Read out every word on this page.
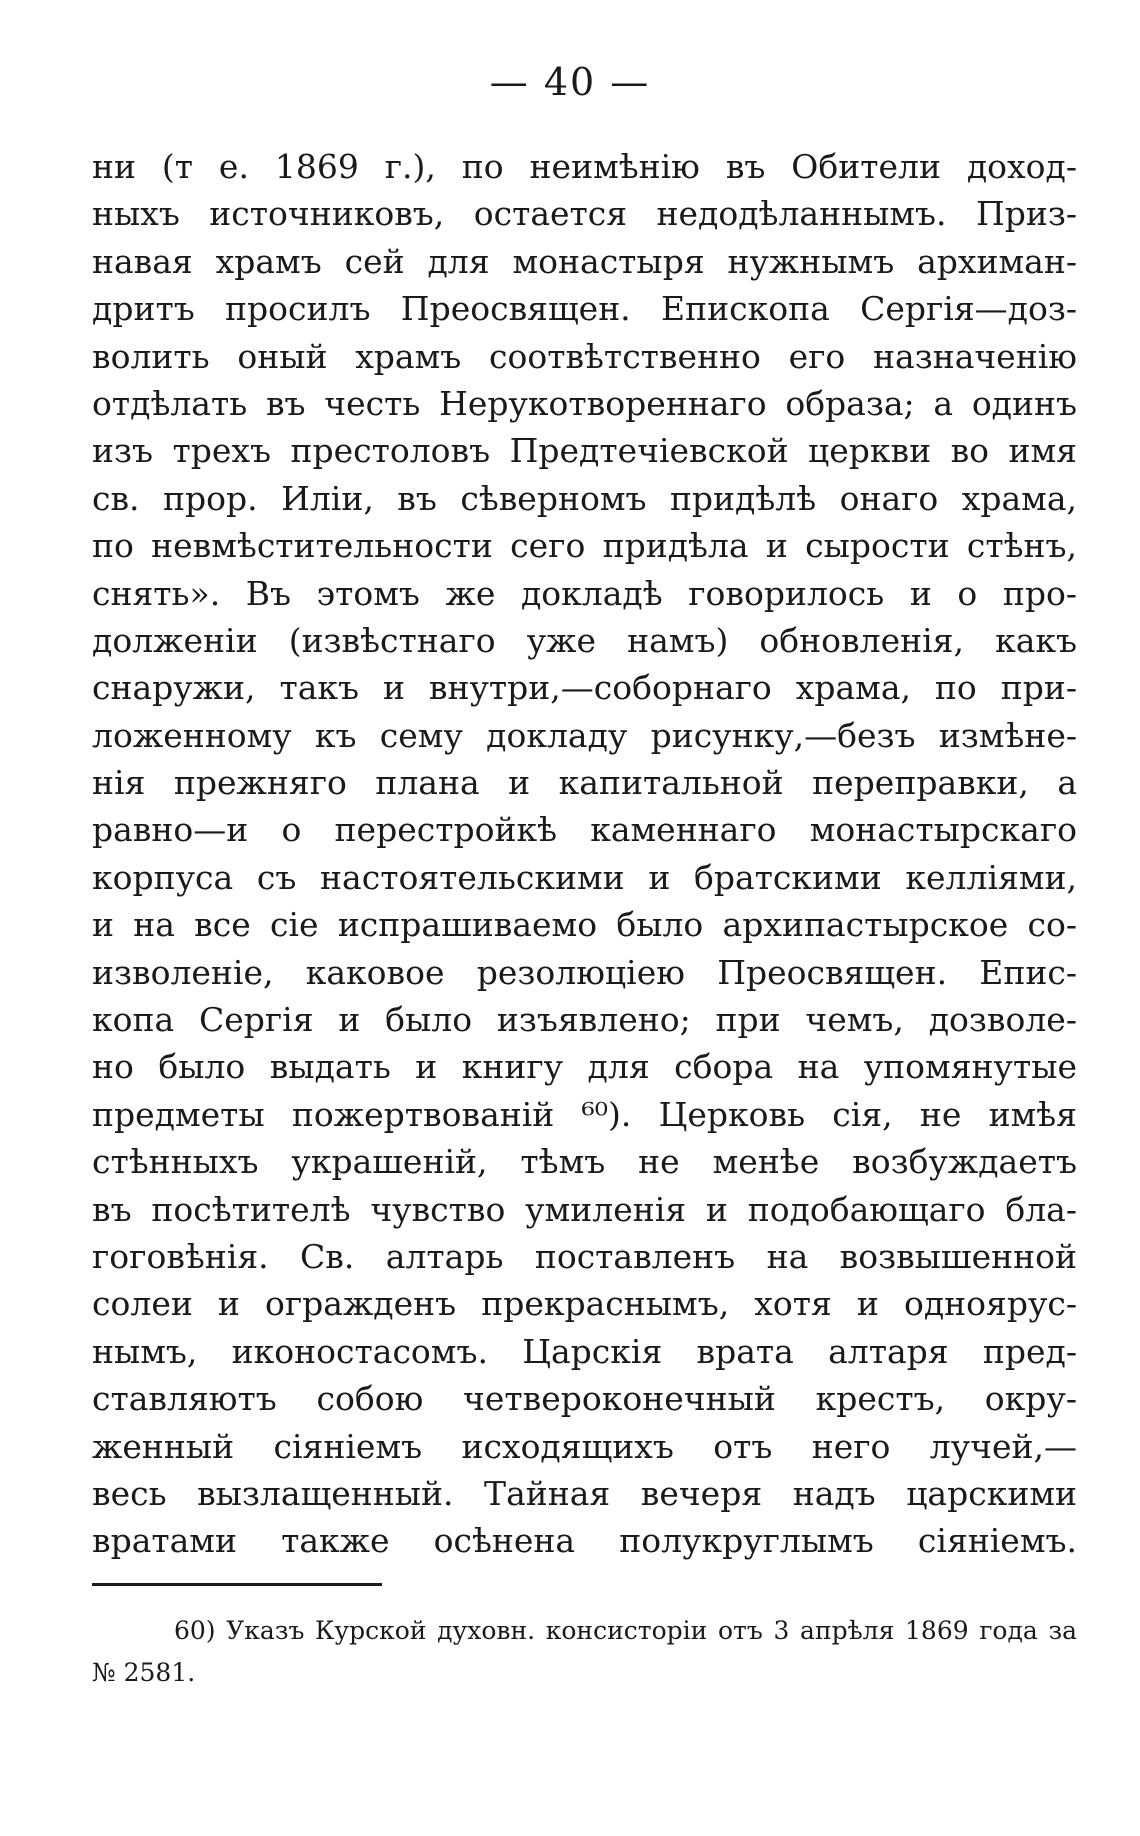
— 40 —
ни (т е. 1869 г.), по неимѣнію въ Обители доход-
ныхъ источниковъ, остается недодѣланнымъ. Приз-
навая храмъ сей для монастыря нужнымъ архиман-
дритъ просилъ Преосвящен. Епископа Сергія—доз-
волить оный храмъ соотвѣтственно его назначенію
отдѣлать въ честь Нерукотвореннаго образа; а одинъ
изъ трехъ престоловъ Предтечіевской церкви во имя
св. прор. Иліи, въ сѣверномъ придѣлѣ онаго храма,
по невмѣстительности сего придѣла и сырости стѣнъ,
снять». Въ этомъ же докладѣ говорилось и о про-
долженіи (извѣстнаго уже намъ) обновленія, какъ
снаружи, такъ и внутри,—соборнаго храма, по при-
ложенному къ сему докладу рисунку,—безъ измѣне-
нія прежняго плана и капитальной переправки, а
равно—и о перестройкѣ каменнаго монастырскаго
корпуса съ настоятельскими и братскими келліями,
и на все сіе испрашиваемо было архипастырское со-
изволеніе, каковое резолюціею Преосвящен. Епис-
копа Сергія и было изъявлено; при чемъ, дозволе-
но было выдать и книгу для сбора на упомянутые
предметы пожертвованій ⁶⁰). Церковь сія, не имѣя
стѣнныхъ украшеній, тѣмъ не менѣе возбуждаетъ
въ посѣтителѣ чувство умиленія и подобающаго бла-
гоговѣнія. Св. алтарь поставленъ на возвышенной
солеи и огражденъ прекраснымъ, хотя и одноярус-
нымъ, иконостасомъ. Царскія врата алтаря пред-
ставляютъ собою четвероконечный крестъ, окру-
женный сіяніемъ исходящихъ отъ него лучей,—
весь вызлащенный. Тайная вечеря надъ царскими
вратами также осѣнена полукруглымъ сіяніемъ.
60) Указъ Курской духовн. консисторіи отъ 3 апрѣля 1869 года за
№ 2581.
